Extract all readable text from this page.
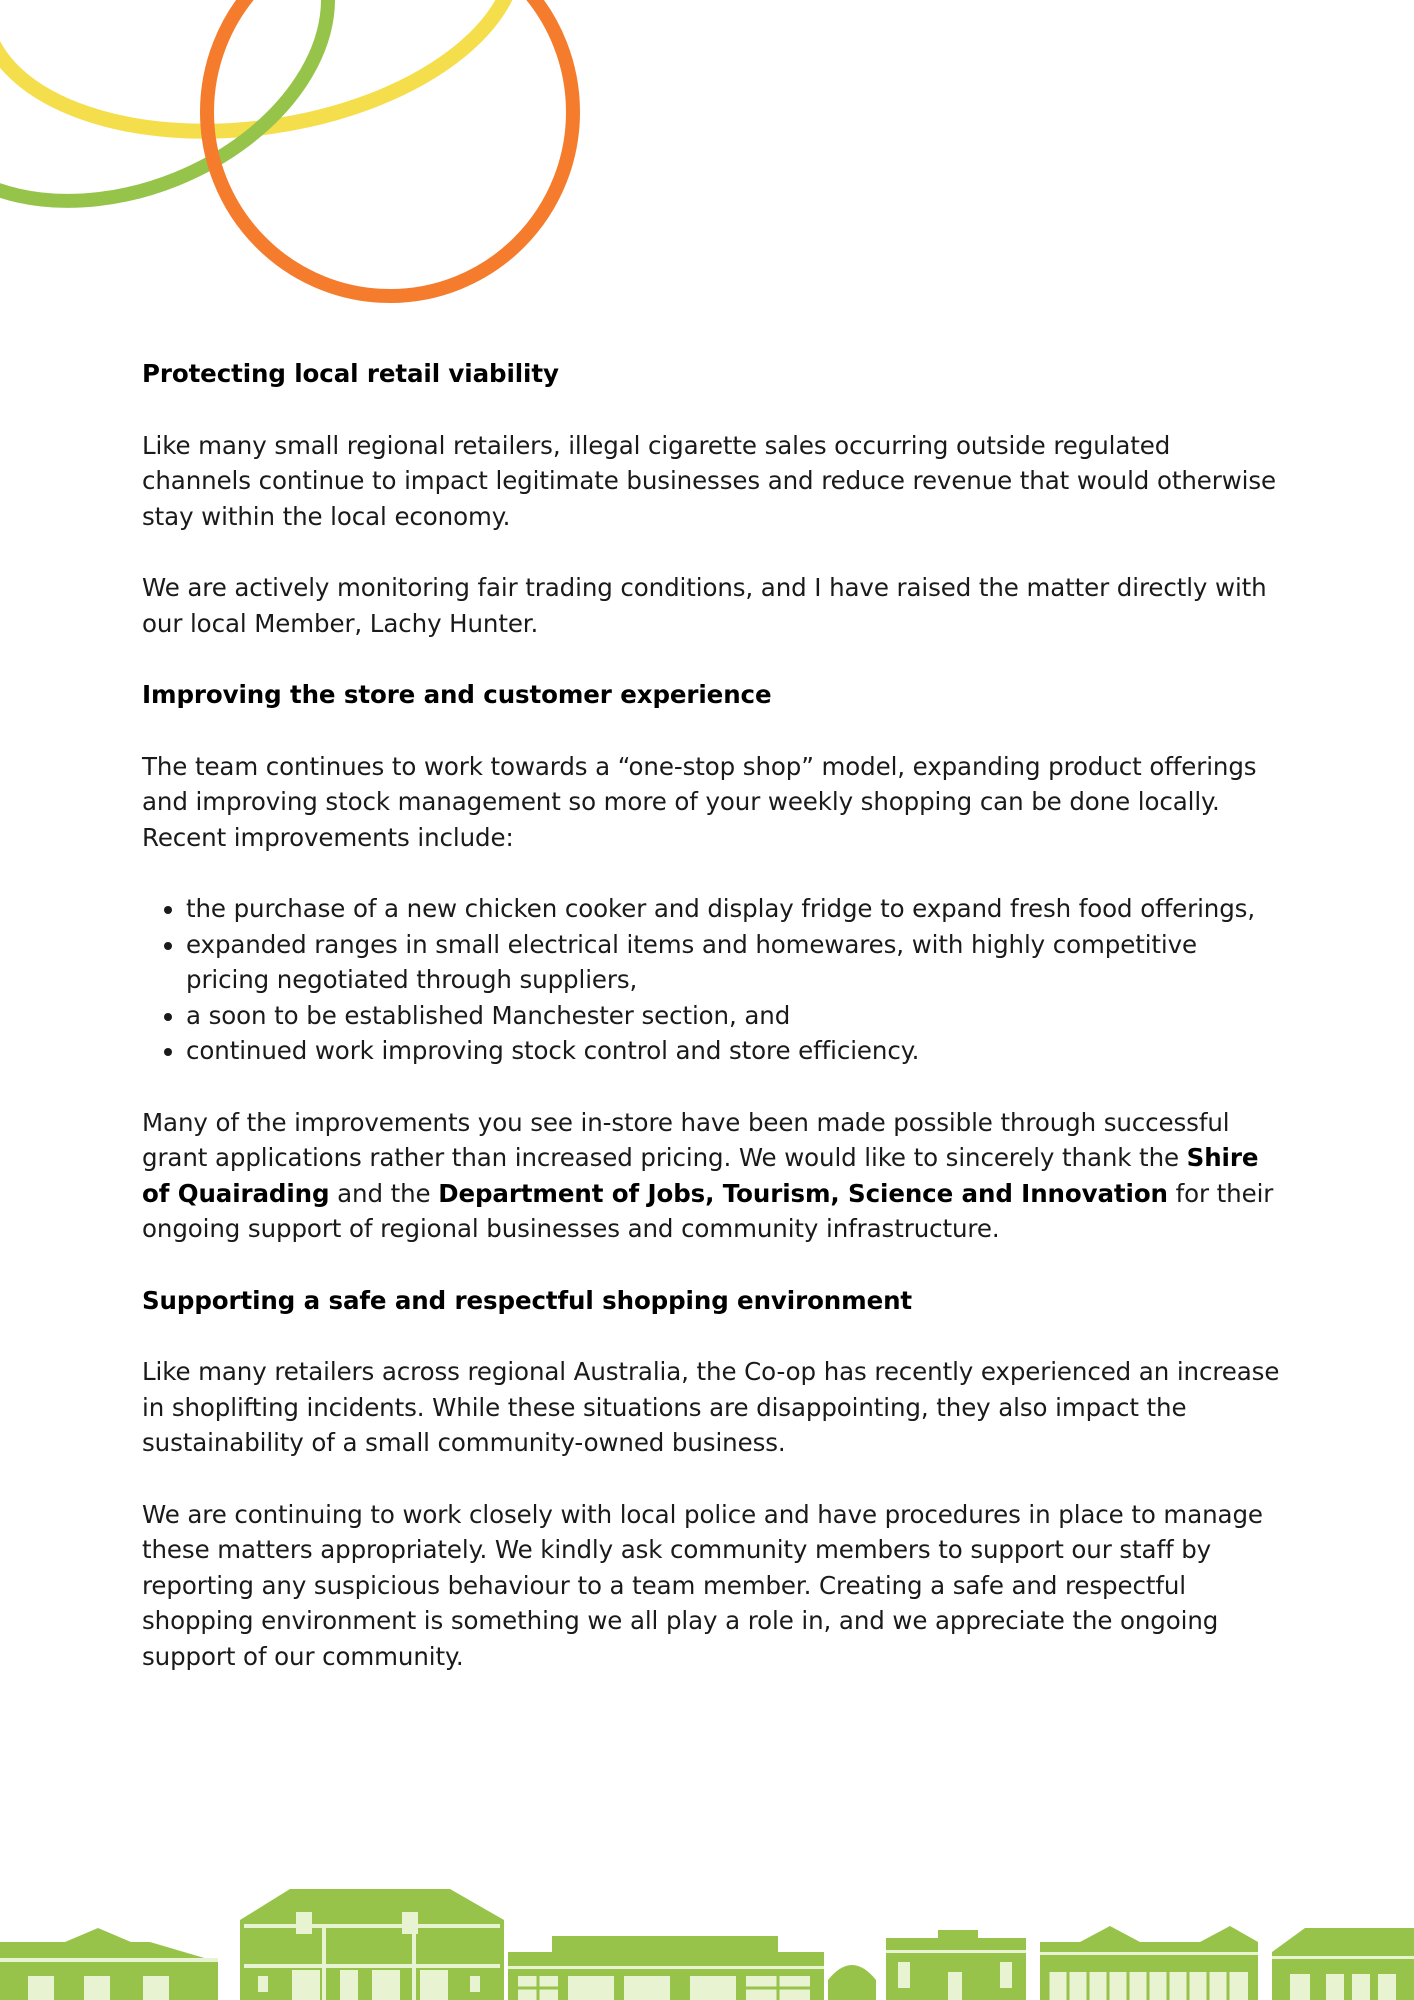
Protecting local retail viability

Like many small regional retailers, illegal cigarette sales occurring outside regulated channels continue to impact legitimate businesses and reduce revenue that would otherwise stay within the local economy.

We are actively monitoring fair trading conditions, and I have raised the matter directly with our local Member, Lachy Hunter.

Improving the store and customer experience

The team continues to work towards a “one-stop shop” model, expanding product offerings and improving stock management so more of your weekly shopping can be done locally. Recent improvements include:

• the purchase of a new chicken cooker and display fridge to expand fresh food offerings,
• expanded ranges in small electrical items and homewares, with highly competitive pricing negotiated through suppliers,
• a soon to be established Manchester section, and
• continued work improving stock control and store efficiency.

Many of the improvements you see in-store have been made possible through successful grant applications rather than increased pricing. We would like to sincerely thank the Shire of Quairading and the Department of Jobs, Tourism, Science and Innovation for their ongoing support of regional businesses and community infrastructure.

Supporting a safe and respectful shopping environment

Like many retailers across regional Australia, the Co-op has recently experienced an increase in shoplifting incidents. While these situations are disappointing, they also impact the sustainability of a small community-owned business.

We are continuing to work closely with local police and have procedures in place to manage these matters appropriately. We kindly ask community members to support our staff by reporting any suspicious behaviour to a team member. Creating a safe and respectful shopping environment is something we all play a role in, and we appreciate the ongoing support of our community.
